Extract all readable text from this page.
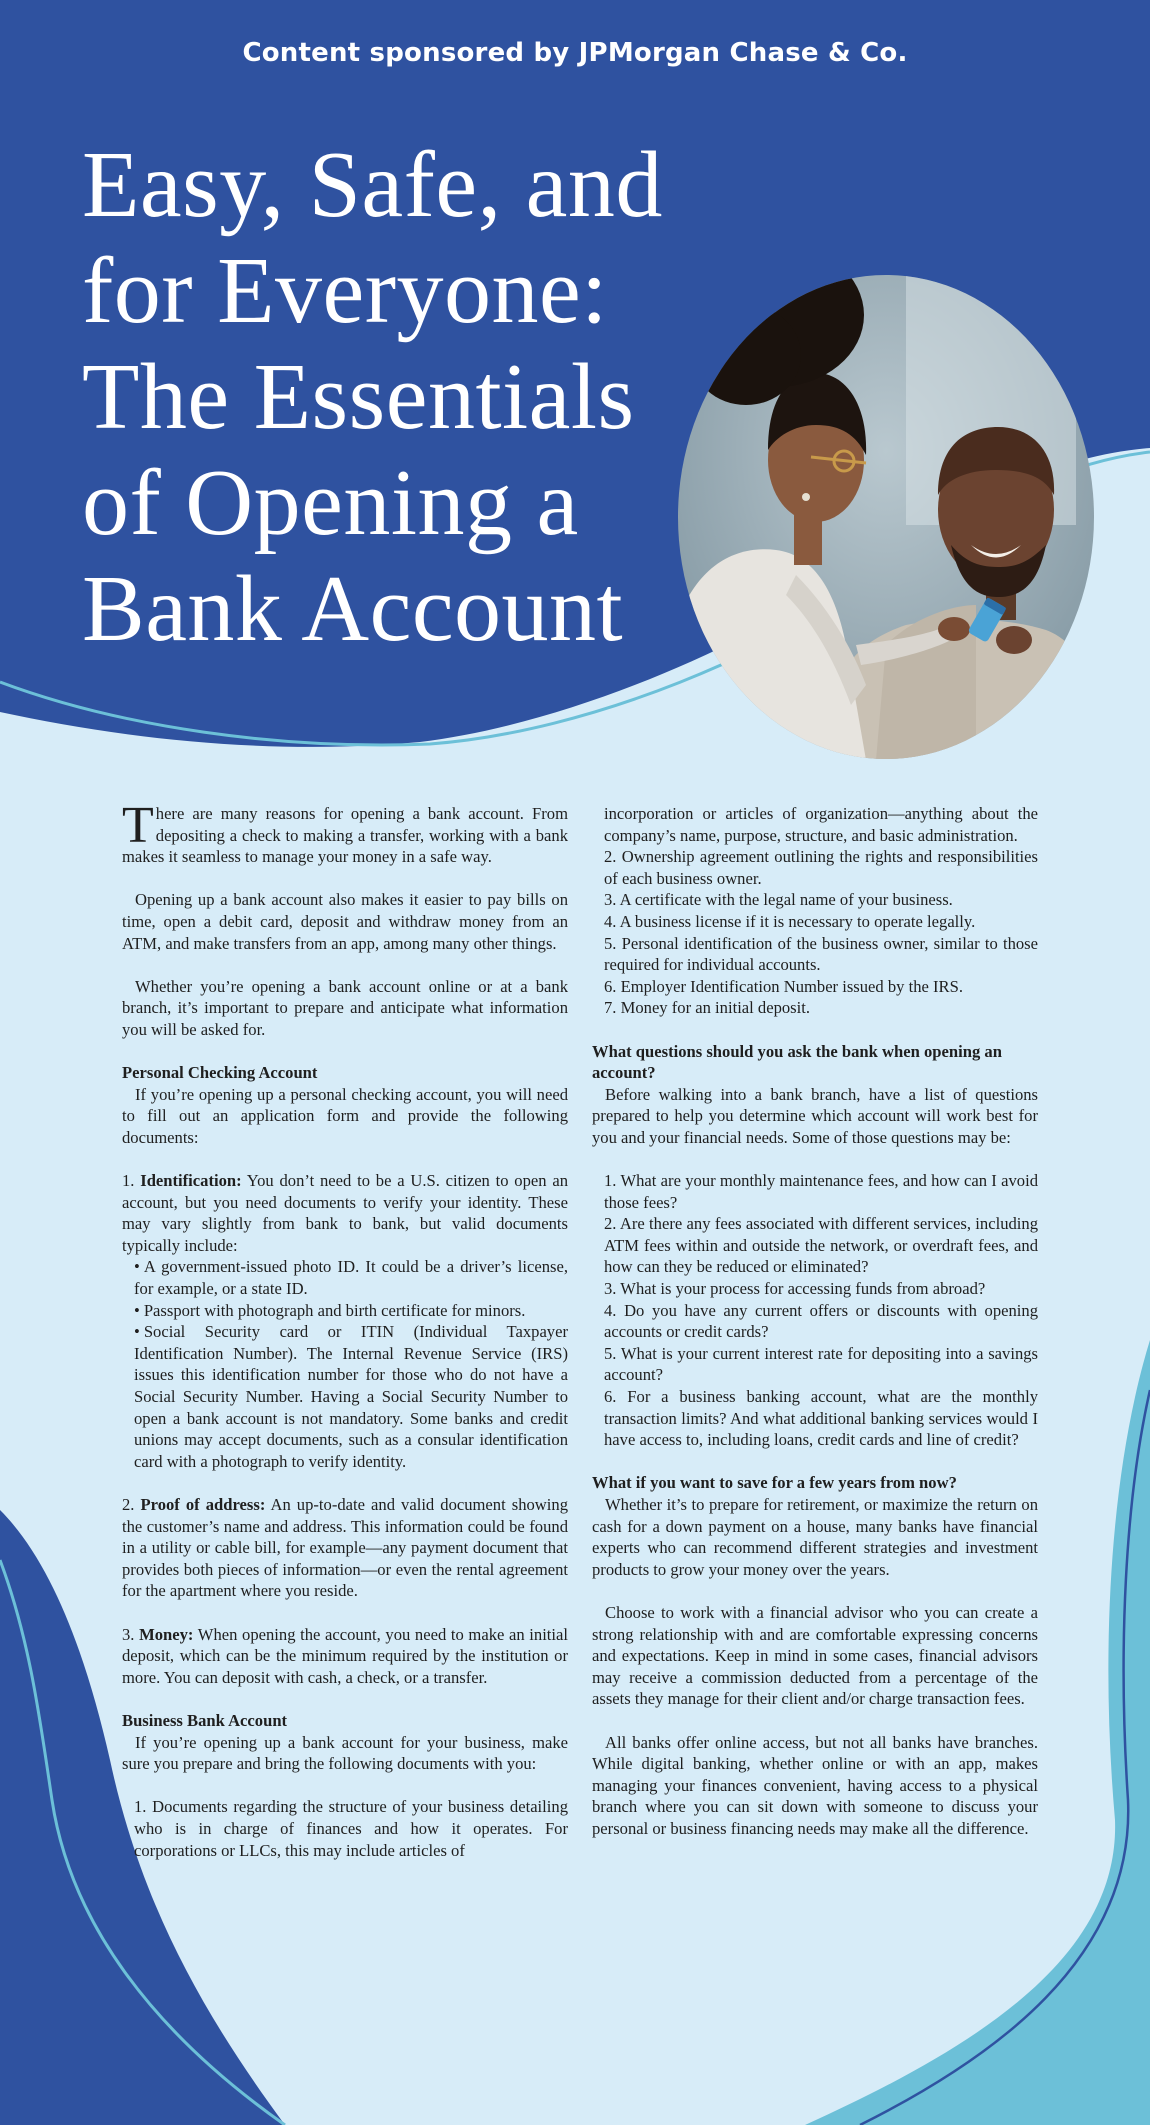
Content sponsored by JPMorgan Chase & Co.
Easy, Safe, and
for Everyone:
The Essentials
of Opening a
Bank Account

There are many reasons for opening a bank account. From depositing a check to making a transfer, working with a bank makes it seamless to manage your money in a safe way.

Opening up a bank account also makes it easier to pay bills on time, open a debit card, deposit and withdraw money from an ATM, and make transfers from an app, among many other things.

Whether you’re opening a bank account online or at a bank branch, it’s important to prepare and anticipate what information you will be asked for.

Personal Checking Account

If you’re opening up a personal checking account, you will need to fill out an application form and provide the following documents:

1. Identification: You don’t need to be a U.S. citizen to open an account, but you need documents to verify your identity. These may vary slightly from bank to bank, but valid documents typically include:

• A government-issued photo ID. It could be a driver’s license, for example, or a state ID.
• Passport with photograph and birth certificate for minors.
• Social Security card or ITIN (Individual Taxpayer Identification Number). The Internal Revenue Service (IRS) issues this identification number for those who do not have a Social Security Number. Having a Social Security Number to open a bank account is not mandatory. Some banks and credit unions may accept documents, such as a consular identification card with a photograph to verify identity.

2. Proof of address: An up-to-date and valid document showing the customer’s name and address. This information could be found in a utility or cable bill, for example—any payment document that provides both pieces of information—or even the rental agreement for the apartment where you reside.

3. Money: When opening the account, you need to make an initial deposit, which can be the minimum required by the institution or more. You can deposit with cash, a check, or a transfer.

Business Bank Account

If you’re opening up a bank account for your business, make sure you prepare and bring the following documents with you:

1. Documents regarding the structure of your business detailing who is in charge of finances and how it operates. For corporations or LLCs, this may include articles of

incorporation or articles of organization—anything about the company’s name, purpose, structure, and basic administration.

2. Ownership agreement outlining the rights and responsibilities of each business owner.
3. A certificate with the legal name of your business.
4. A business license if it is necessary to operate legally.
5. Personal identification of the business owner, similar to those required for individual accounts.
6. Employer Identification Number issued by the IRS.
7. Money for an initial deposit.
What questions should you ask the bank when opening an account?

Before walking into a bank branch, have a list of questions prepared to help you determine which account will work best for you and your financial needs. Some of those questions may be:

1. What are your monthly maintenance fees, and how can I avoid those fees?
2. Are there any fees associated with different services, including ATM fees within and outside the network, or overdraft fees, and how can they be reduced or eliminated?
3. What is your process for accessing funds from abroad?
4. Do you have any current offers or discounts with opening accounts or credit cards?
5. What is your current interest rate for depositing into a savings account?
6. For a business banking account, what are the monthly transaction limits? And what additional banking services would I have access to, including loans, credit cards and line of credit?
What if you want to save for a few years from now?

Whether it’s to prepare for retirement, or maximize the return on cash for a down payment on a house, many banks have financial experts who can recommend different strategies and investment products to grow your money over the years.

Choose to work with a financial advisor who you can create a strong relationship with and are comfortable expressing concerns and expectations. Keep in mind in some cases, financial advisors may receive a commission deducted from a percentage of the assets they manage for their client and/or charge transaction fees.

All banks offer online access, but not all banks have branches. While digital banking, whether online or with an app, makes managing your finances convenient, having access to a physical branch where you can sit down with someone to discuss your personal or business financing needs may make all the difference.
